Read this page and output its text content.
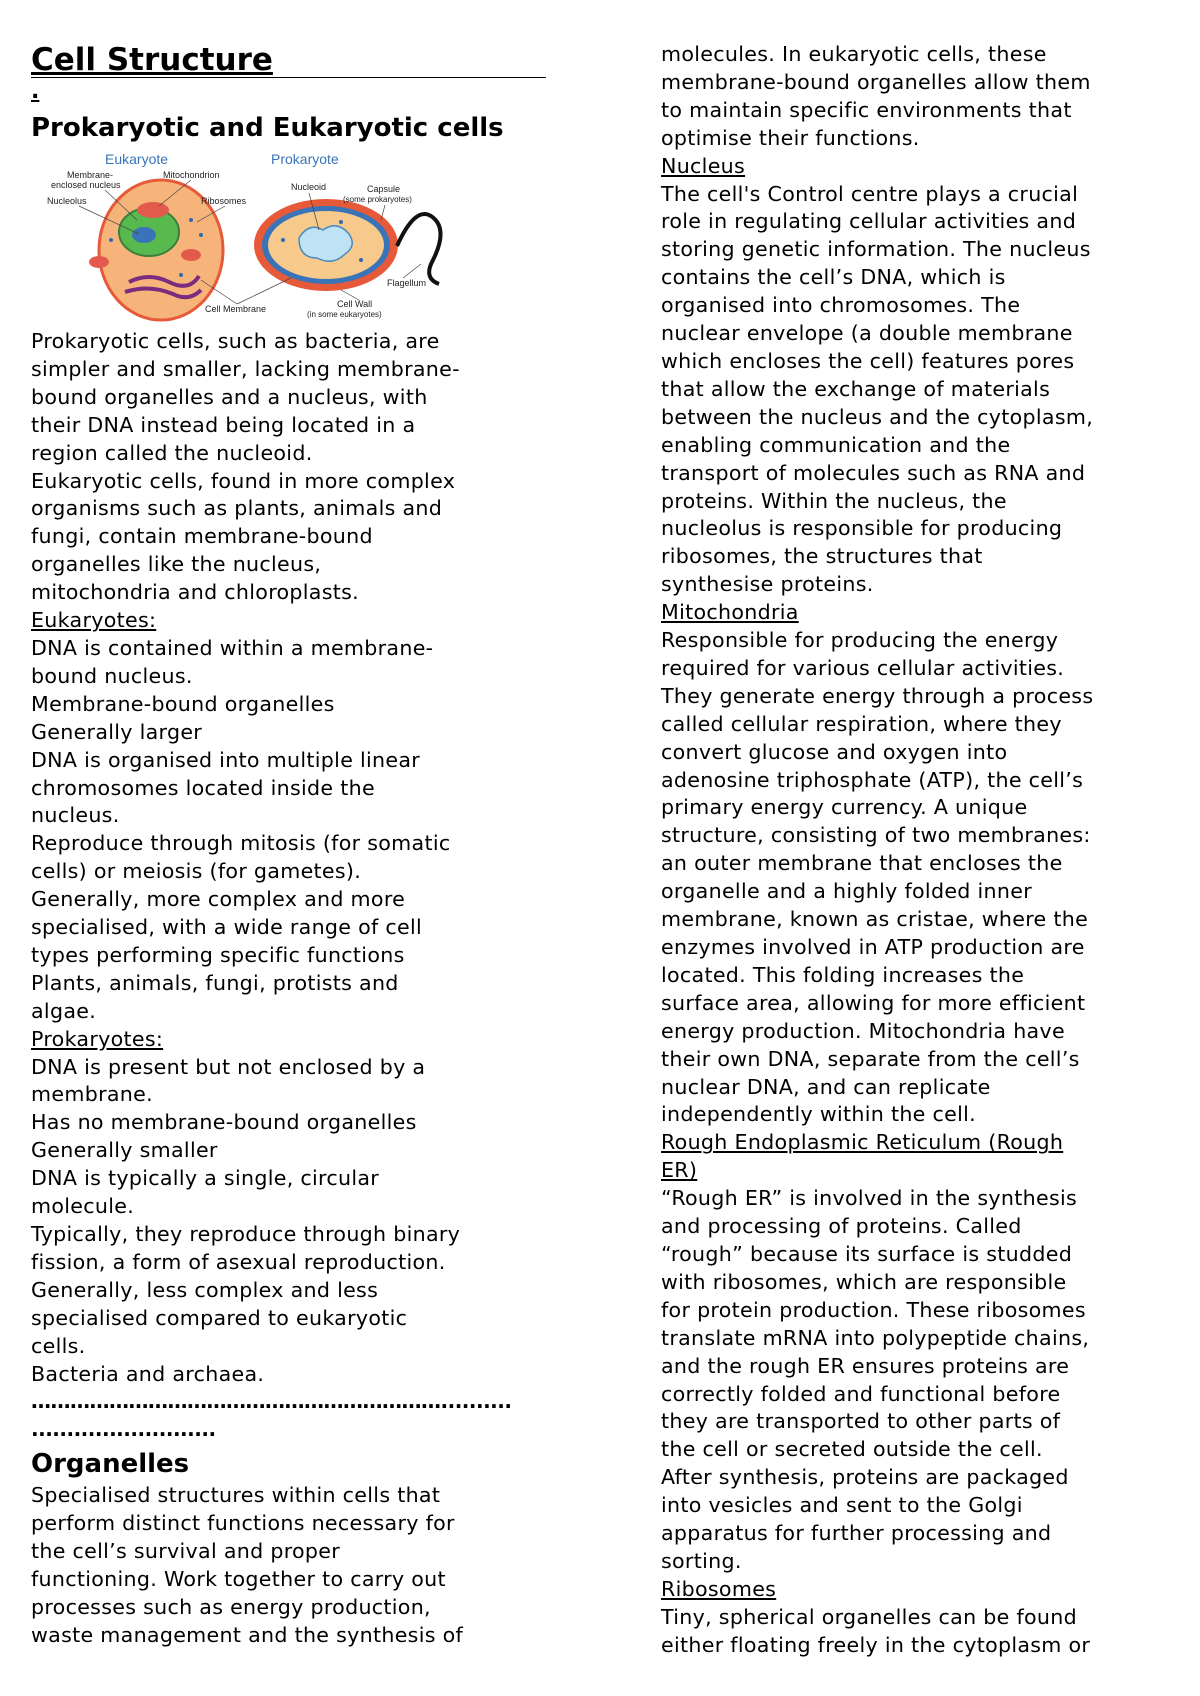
Cell Structure
.
Prokaryotic and Eukaryotic cells
Eukaryote	Prokaryote
Membrane-
enclosed nucleus
Mitochondrion
Nucleolus	Ribosomes
Nucleoid	Capsule
(some prokaryotes)
Flagellum
Cell Membrane	Cell Wall
(in some eukaryotes)
Prokaryotic cells, such as bacteria, are
simpler and smaller, lacking membrane-
bound organelles and a nucleus, with
their DNA instead being located in a
region called the nucleoid.
Eukaryotic cells, found in more complex
organisms such as plants, animals and
fungi, contain membrane-bound
organelles like the nucleus,
mitochondria and chloroplasts.
Eukaryotes:
DNA is contained within a membrane-
bound nucleus.
Membrane-bound organelles
Generally larger
DNA is organised into multiple linear
chromosomes located inside the
nucleus.
Reproduce through mitosis (for somatic
cells) or meiosis (for gametes).
Generally, more complex and more
specialised, with a wide range of cell
types performing specific functions
Plants, animals, fungi, protists and
algae.
Prokaryotes:
DNA is present but not enclosed by a
membrane.
Has no membrane-bound organelles
Generally smaller
DNA is typically a single, circular
molecule.
Typically, they reproduce through binary
fission, a form of asexual reproduction.
Generally, less complex and less
specialised compared to eukaryotic
cells.
Bacteria and archaea.
………………………………………………………..........
..........................
Organelles
Specialised structures within cells that
perform distinct functions necessary for
the cell’s survival and proper
functioning. Work together to carry out
processes such as energy production,
waste management and the synthesis of
molecules. In eukaryotic cells, these
membrane-bound organelles allow them
to maintain specific environments that
optimise their functions.
Nucleus
The cell's Control centre plays a crucial
role in regulating cellular activities and
storing genetic information. The nucleus
contains the cell’s DNA, which is
organised into chromosomes. The
nuclear envelope (a double membrane
which encloses the cell) features pores
that allow the exchange of materials
between the nucleus and the cytoplasm,
enabling communication and the
transport of molecules such as RNA and
proteins. Within the nucleus, the
nucleolus is responsible for producing
ribosomes, the structures that
synthesise proteins.
Mitochondria
Responsible for producing the energy
required for various cellular activities.
They generate energy through a process
called cellular respiration, where they
convert glucose and oxygen into
adenosine triphosphate (ATP), the cell’s
primary energy currency. A unique
structure, consisting of two membranes:
an outer membrane that encloses the
organelle and a highly folded inner
membrane, known as cristae, where the
enzymes involved in ATP production are
located. This folding increases the
surface area, allowing for more efficient
energy production. Mitochondria have
their own DNA, separate from the cell’s
nuclear DNA, and can replicate
independently within the cell.
Rough Endoplasmic Reticulum (Rough
ER)
“Rough ER” is involved in the synthesis
and processing of proteins. Called
“rough” because its surface is studded
with ribosomes, which are responsible
for protein production. These ribosomes
translate mRNA into polypeptide chains,
and the rough ER ensures proteins are
correctly folded and functional before
they are transported to other parts of
the cell or secreted outside the cell.
After synthesis, proteins are packaged
into vesicles and sent to the Golgi
apparatus for further processing and
sorting.
Ribosomes
Tiny, spherical organelles can be found
either floating freely in the cytoplasm or
